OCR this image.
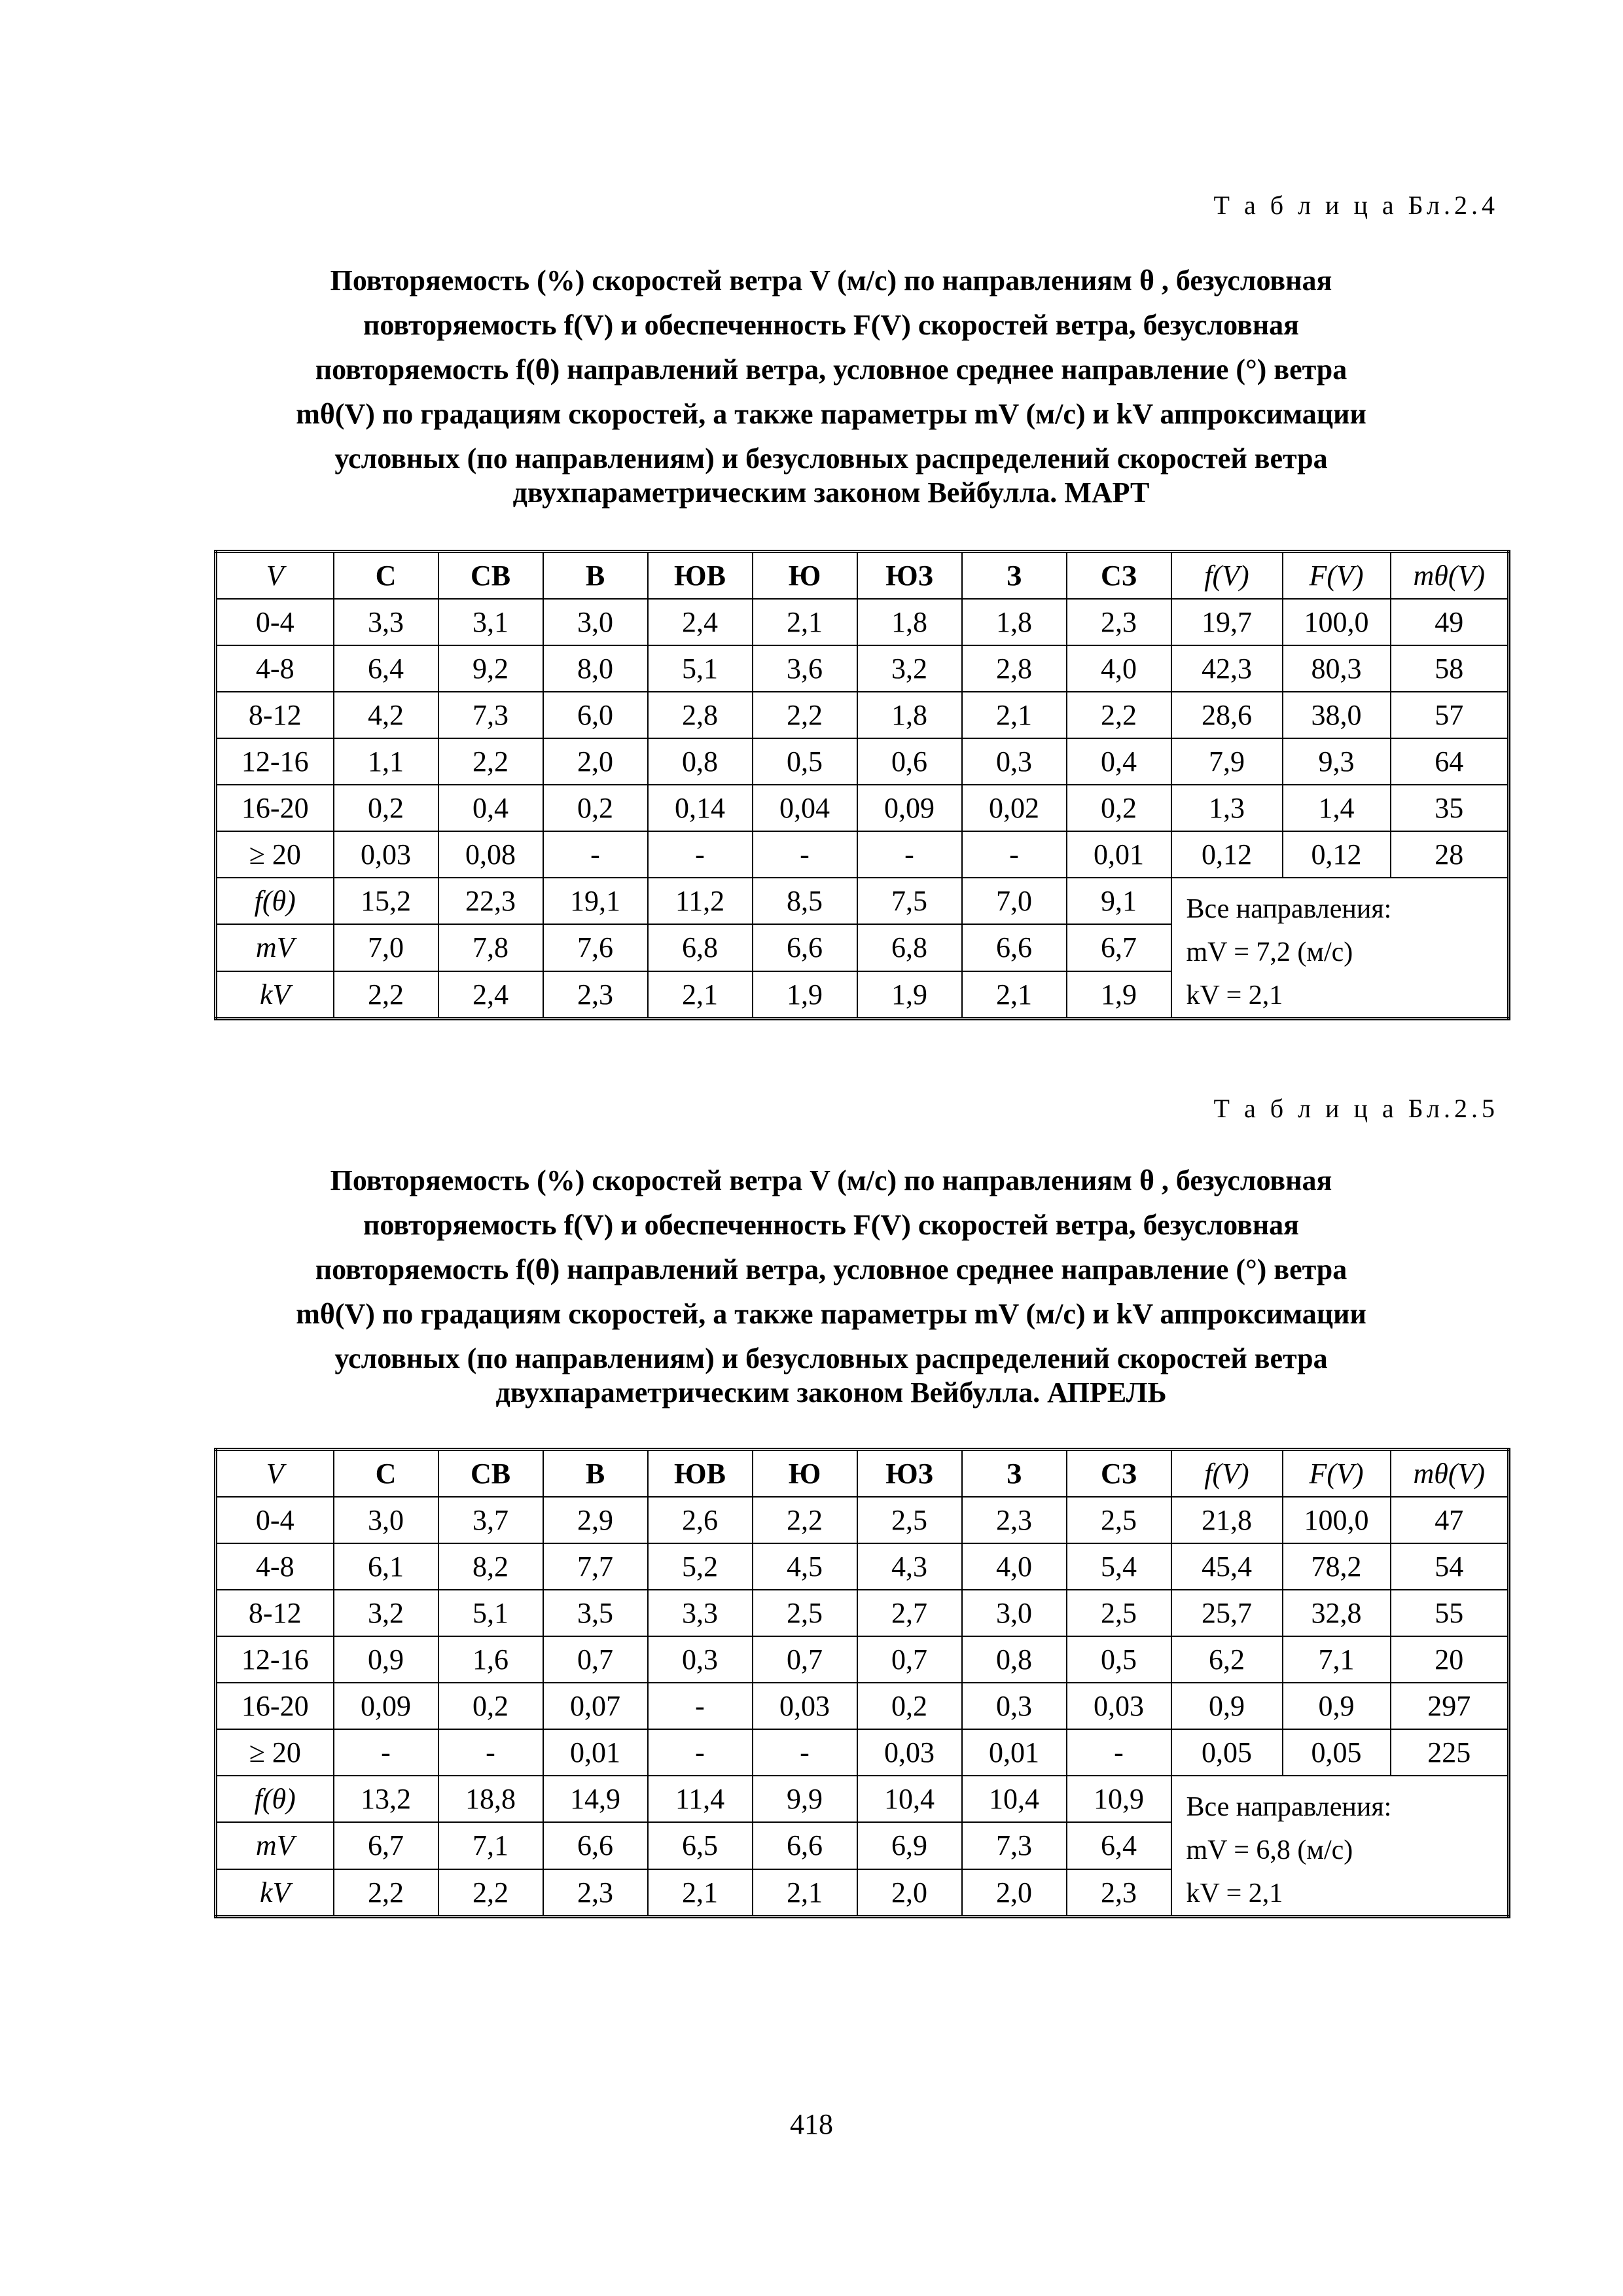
Т а б л и ц а Бл.2.4
Повторяемость (%) скоростей ветра V (м/с) по направлениям θ , безусловная
повторяемость f(V) и обеспеченность F(V) скоростей ветра, безусловная
повторяемость f(θ) направлений ветра, условное среднее направление (°) ветра
mθ(V) по градациям скоростей, а также параметры mV (м/с) и kV аппроксимации
условных (по направлениям) и безусловных распределений скоростей ветра
двухпараметрическим законом Вейбулла. МАРТ
V	С	СВ	В	ЮВ	Ю	ЮЗ	З	СЗ	f(V)	F(V)	mθ(V)
0-4	3,3	3,1	3,0	2,4	2,1	1,8	1,8	2,3	19,7	100,0	49
4-8	6,4	9,2	8,0	5,1	3,6	3,2	2,8	4,0	42,3	80,3	58
8-12	4,2	7,3	6,0	2,8	2,2	1,8	2,1	2,2	28,6	38,0	57
12-16	1,1	2,2	2,0	0,8	0,5	0,6	0,3	0,4	7,9	9,3	64
16-20	0,2	0,4	0,2	0,14	0,04	0,09	0,02	0,2	1,3	1,4	35
≥ 20	0,03	0,08	-	-	-	-	-	0,01	0,12	0,12	28
f(θ)	15,2	22,3	19,1	11,2	8,5	7,5	7,0	9,1	Все направления:
mV = 7,2 (м/с)
kV = 2,1		

mV	7,0	7,8	7,6	6,8	6,6	6,8	6,6	6,7			
kV	2,2	2,4	2,3	2,1	1,9	1,9	2,1	1,9			
Т а б л и ц а Бл.2.5
Повторяемость (%) скоростей ветра V (м/с) по направлениям θ , безусловная
повторяемость f(V) и обеспеченность F(V) скоростей ветра, безусловная
повторяемость f(θ) направлений ветра, условное среднее направление (°) ветра
mθ(V) по градациям скоростей, а также параметры mV (м/с) и kV аппроксимации
условных (по направлениям) и безусловных распределений скоростей ветра
двухпараметрическим законом Вейбулла. АПРЕЛЬ
V	С	СВ	В	ЮВ	Ю	ЮЗ	З	СЗ	f(V)	F(V)	mθ(V)
0-4	3,0	3,7	2,9	2,6	2,2	2,5	2,3	2,5	21,8	100,0	47
4-8	6,1	8,2	7,7	5,2	4,5	4,3	4,0	5,4	45,4	78,2	54
8-12	3,2	5,1	3,5	3,3	2,5	2,7	3,0	2,5	25,7	32,8	55
12-16	0,9	1,6	0,7	0,3	0,7	0,7	0,8	0,5	6,2	7,1	20
16-20	0,09	0,2	0,07	-	0,03	0,2	0,3	0,03	0,9	0,9	297
≥ 20	-	-	0,01	-	-	0,03	0,01	-	0,05	0,05	225
f(θ)	13,2	18,8	14,9	11,4	9,9	10,4	10,4	10,9	Все направления:
mV = 6,8 (м/с)
kV = 2,1		

mV	6,7	7,1	6,6	6,5	6,6	6,9	7,3	6,4			
kV	2,2	2,2	2,3	2,1	2,1	2,0	2,0	2,3			
418
